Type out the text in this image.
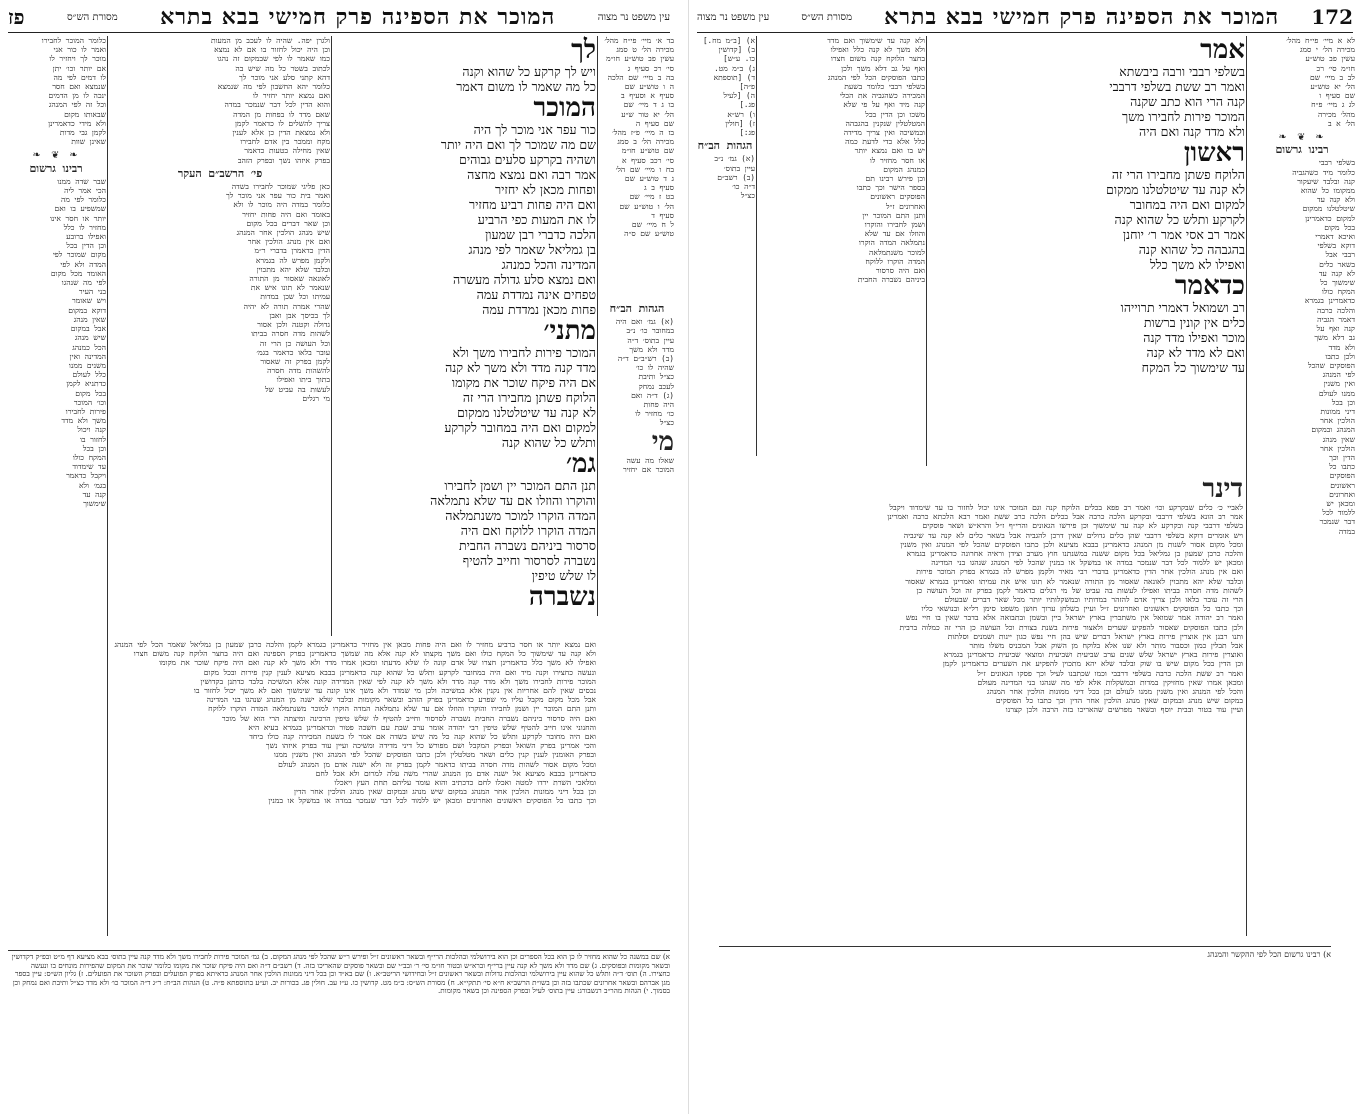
עין משפט נר מצוה
המוכר את הספינה פרק חמישי בבא בתרא
מסורת הש״ס
פז
בד א׳ מיי׳ פי״ח מהל׳
מכירה הל׳ ט סמג
עשין פב טוש״ע חו״מ
סי׳ רכ סעיף ג
בה ב מיי׳ שם הלכה
ה ו טוש״ע שם
סעיף א וסעיף ב
בו ג ד מיי׳ שם
הל׳ יא טור ש״ע
שם סעיף ה
בז ה מיי׳ פ״ז מהל׳
מכירה הל׳ ב סמג
שם טוש״ע חו״מ
סי׳ רכב סעיף א
בח ו מיי׳ שם הל׳
ג ד טוש״ע שם
סעיף ב ג
בט ז מיי׳ שם
הל׳ ו טוש״ע שם
סעיף ד
ל ח מיי׳ שם
טוש״ע שם ס״ה
כלומר המוכר לחבירו
ואמר לו כור אני
מוכר לך ויחזיר לו
אם יותר וכו׳ יתן
לו דמים לפי מה
שנמצא ואם חסר
ינכה לו מן הדמים
וכל זה לפי המנהג
שבאותו מקום
ולא מידי כדאמרינן
לקמן גבי מדות
שאינן שוות
❧ ❦ ❧
רבינו גרשום
שבר שדה ממנו
הכי אמר ליה
כלומר לפי מה
שמשפיע בו ואם
יותר או חסר אינו
מחזיר לו כלל
ואפילו ברובע
וכן הדין בכל
מקום שמוכר לפי
המדה ולא לפי
האומד מכל מקום
לפי מה שנהגו
בני העיר
ויש שאומר
דוקא במקום
שאין מנהג
אבל במקום
שיש מנהג
הכל כמנהג
המדינה ואין
משנים ממנו
כלל לעולם
כדתניא לקמן
בכל מקום
וכו׳ המוכר
פירות לחבירו
משך ולא מדד
קנה ויכול
לחזור בו
וכן בכל
המקח כולו
עד שימדוד
ויקבל כדאמר
בגמ׳ ולא
קנה עד
שימשוך
ולגרן יפה. שהיה לו לעכב מן המעות
וכן היה יכול לחזור בו אם לא נמצא
כמו שאמר לו לפי שבמקום זה נהגו
לכתוב בשטר כל מה שיש בה
דהא קתני סלע אני מוכר לך
כלומר יהא החשבון לפי מה שנמצא
ואם נמצא יותר יחזיר לו
והוא הדין לכל דבר שנמכר במדה
שאם מדד לו בפחות מן המדה
צריך להשלים לו כדאמר לקמן
ולא נמצאת הדין כן אלא לענין
מקח וממכר בין אדם לחבירו
שאין מחילה בטעות כדאמר
בפרק איזהו נשך ובפרק הזהב
פי׳ הרשב״ם העקר
כאן פליגי שמוכר לחבירו בשדה
ואמר בית כור עפר אני מוכר לך
כלומר במדה היה מוכר לו ולא
באומד ואם היה פחות יחזיר
וכן שאר דברים בכל מקום
שיש מנהג הולכין אחר המנהג
ואם אין מנהג הולכין אחר
הדין כדאמרן בדברי ר״מ
ולקמן מפרש לה בגמרא
ובלבד שלא יהא מתכוין
לאונאה שאסור מן התורה
שנאמר לא תונו איש את
עמיתו וכל שכן במדות
שהרי אמרה תורה לא יהיה
לך בכיסך אבן ואבן
גדולה וקטנה ולכן אסור
לשהות מדה חסרה בביתו
וכל העושה כן הרי זה
עובר בלאו כדאמר בגמ׳
לקמן בפרק זה שאסור
להשהות מדה חסרה
בתוך ביתו ואפילו
לעשות בה עביט של
מי רגלים
לך
ויש לך קרקע כל שהוא וקנה
כל מה שאמר לו משום דאמר
המוכר
כור עפר אני מוכר לך היה
שם מה שמוכר לך ואם היה יותר
ושהיה בקרקע סלעים גבוהים
אמר רבה ואם נמצא מחצה
ופחות מכאן לא יחזיר
ואם היה פחות רביע מחזיר
לו את המעות כפי הרביע
הלכה כדברי רבן שמעון
בן גמליאל שאמר לפי מנהג
המדינה והכל כמנהג
ואם נמצא סלע גדולה מעשרה
טפחים אינה נמדדת עמה
פחות מכאן נמדדת עמה
מתני׳
המוכר פירות לחבירו משך ולא
מדד קנה מדד ולא משך לא קנה
אם היה פיקח שוכר את מקומו
הלוקח פשתן מחבירו הרי זה
לא קנה עד שיטלטלנו ממקום
למקום ואם היה במחובר לקרקע
ותלש כל שהוא קנה
גמ׳
תנן התם המוכר יין ושמן לחבירו
והוקרו והוזלו אם עד שלא נתמלאה
המדה הוקרו למוכר משנתמלאה
המדה הוקרו ללוקח ואם היה
סרסור ביניהם נשברה החבית
נשברה לסרסור וחייב להטיף
לו שלש טיפין
נשברה
הגהות הב״ח
(א) גמ׳ ואם היה
במחובר כו׳ נ״ב
עיין בתוס׳ ד״ה
מדד ולא משך
(ב) רש״ב״ם ד״ה
שהיה לו כו׳
כצ״ל ותיבת
לעכב נמחק
(ג) ד״ה ואם
היה פחות
כו׳ מחזיר לו
כצ״ל
מי
שאלו מה עשה
המוכר אם יחזיר
ואם נמצא יותר או חסר ברביע מחזיר לו ואם היה פחות מכאן אין מחזיר כדאמרינן בגמרא לקמן והלכה כרבן שמעון בן גמליאל שאמר הכל לפי המנהג
ולא קנה עד שימשוך כל המקח כולו ואם משך מקצתו לא קנה אלא מה שמשך כדאמרינן בפרק הספינה ואם היה בחצר הלוקח קנה משום חצרו
ואפילו לא משך כלל כדאמרינן חצרו של אדם קונה לו שלא מדעתו ומכאן אמרו מדד ולא משך לא קנה ואם היה פיקח שוכר את מקומו
ונעשה כחצירו וקנה מיד ואם היה במחובר לקרקע ותלש כל שהוא קנה כדאמרינן בבבא מציעא לענין קנין פירות ובכל מקום
המוכר פירות לחבירו משך ולא מדד קנה מדד ולא משך לא קנה לפי שאין המדידה קונה אלא המשיכה בלבד כדתנן בקדושין
נכסים שאין להם אחריות אין נקנין אלא במשיכה ולכן מי שמדד ולא משך אינו קונה עד שימשוך ואם לא משך יכול לחזור בו
אבל מכל מקום מקבל עליו מי שפרע כדאמרינן בפרק הזהב ובשאר מקומות ובלבד שלא ישנה מן המנהג שנהגו בני המדינה
ותנן התם המוכר יין ושמן לחבירו והוקרו והוזלו אם עד שלא נתמלאה המדה הוקרו למוכר משנתמלאה המדה הוקרו ללוקח
ואם היה סרסור ביניהם נשברה החבית נשברה לסרסור וחייב להטיף לו שלש טיפין הרכינה ומיצתה הרי הוא של מוכר
והחנוני אינו חייב להטיף שלש טיפין רבי יהודה אומר ערב שבת עם חשכה פטור וכדאמרינן בגמרא בעיא היא
ואם היה מחובר לקרקע ותלש כל שהוא קנה כל מה שיש בשדה אם אמר לו בשעת המכירה קנה כולו ביחד
והכי אמרינן בפרק השואל ובפרק המקבל ושם מפורש כל דיני מדידה ומשיכה ועיין עוד בפרק איזהו נשך
ובפרק האומנין לענין קנין כלים ושאר מטלטלין ולכן כתבו הפוסקים שהכל לפי המנהג ואין משנין ממנו
ומכל מקום אסור לשהות מדה חסרה בביתו כדאמר לקמן בפרק זה ולא ישנה אדם מן המנהג לעולם
כדאמרינן בבבא מציעא אל ישנה אדם מן המנהג שהרי משה עלה למרום ולא אכל לחם
ומלאכי השרת ירדו למטה ואכלו לחם כדכתיב והוא עומד עליהם תחת העץ ויאכלו
וכן בכל דיני ממונות הולכין אחר המנהג במקום שיש מנהג ובמקום שאין מנהג הולכין אחר הדין
וכך כתבו כל הפוסקים ראשונים ואחרונים ומכאן יש ללמוד לכל דבר שנמכר במדה או במשקל או במנין
א) שם במשנה כל שהוא מחזיר לו כן הוא בכל הספרים וכן הוא בירושלמי ובהלכות הרי״ף ובשאר ראשונים ז״ל ופירש ר״ש שהכל לפי מנהג המקום. ב) גמ׳ המוכר פירות לחבירו משך ולא מדד קנה עיין בתוס׳ בבא מציעא דף מ״ט ובפ״ק דקדושין ובשאר מקומות ובפוסקים. ג) שם מדד ולא משך לא קנה עיין ברי״ף וברא״ש ובטור חו״מ סי׳ ר׳ ובב״י שם ובשאר פוסקים שהאריכו בזה. ד) רשב״ם ד״ה ואם היה פיקח שוכר את מקומו כלומר שוכר את המקום שהפירות מונחים בו ונעשה כחצירו. ה) תוס׳ ד״ה ותלש כל שהוא עיין בירושלמי ובהלכות גדולות ובשאר ראשונים ז״ל ובחידושי הריטב״א. ו) שם בא״ד וכן בכל דיני ממונות הולכין אחר המנהג כדאיתא בפרק הפועלים ובפרק השוכר את הפועלים. ז) גליון הש״ס: עיין בספר מגן אברהם ובשאר אחרונים שכתבו בזה וכן בשו״ת הרשב״א ח״א סי׳ תתקי״א. ח) מסורת הש״ס: ב״מ מט. קדושין כו. ע״ז עב. חולין פג. בכורות יב. וע״ע בתוספתא פ״ה. ט) הגהות הב״ח: ר״ג ד״ה המוכר כו׳ ולא מדד כצ״ל ותיבת ואם נמחק וכן בסמוך. י) הגהות מהר״ב רנשבורג: עיין בתוס׳ לעיל ובפרק הספינה וכן בשאר מקומות.
172
המוכר את הספינה פרק חמישי בבא בתרא
מסורת הש״ס
עין משפט נר מצוה
לא א מיי׳ פי״ח מהל׳
מכירה הל׳ י סמג
עשין פב טוש״ע
חו״מ סי׳ רכ
לב ב מיי׳ שם
הל׳ יא טוש״ע
שם סעיף ו
לג ג מיי׳ פ״ח
מהל׳ מכירה
הל׳ א ב
❧ ❦ ❧
רבינו גרשום
בשלפי רבבי
כלומר מיד כשהגביה
קנה ובלבד שיעקור
ממקומו כל שהוא
ולא קנה עד
שיטלטלנו ממקום
למקום כדאמרינן
בכל מקום
ואיכא דאמרי
דוקא בשלפי
רבבי אבל
בשאר כלים
לא קנה עד
שימשוך כל
המקח כולו
כדאמרינן בגמרא
והלכה כרבה
דאמר הגביה
קנה ואף על
גב דלא משך
ולא מדד
ולכן כתבו
הפוסקים שהכל
לפי המנהג
ואין משנין
ממנו לעולם
וכן בכל
דיני ממונות
הולכין אחר
המנהג ובמקום
שאין מנהג
הולכין אחר
הדין וכך
כתבו כל
הפוסקים
ראשונים
ואחרונים
ומכאן יש
ללמוד לכל
דבר שנמכר
במדה
אמר
בשלפי רבבי ורבה ביבשתא
ואמר רב ששת בשלפי דרבבי
קנה הרי הוא כתב שקנה
המוכר פירות לחבירו משך
ולא מדד קנה ואם היה
ראשון
הלוקח פשתן מחבירו הרי זה
לא קנה עד שיטלטלנו ממקום
למקום ואם היה במחובר
לקרקע ותלש כל שהוא קנה
אמר רב אסי אמר ר׳ יוחנן
בהגבהה כל שהוא קנה
ואפילו לא משך כלל
כדאמר
רב ושמואל דאמרי תרוייהו
כלים אין קונין ברשות
מוכר ואפילו מדד קנה
ואם לא מדד לא קנה
עד שימשוך כל המקח
א) [ב״מ מח.]
ב) [קדושין
כו. ע״ש]
ג) ב״מ מט.
ד) [תוספתא
פ״ה]
ה) [לעיל
פג.]
ו) רש״א
ז) [חולין
פג:]
הגהות הב״ח
(א) גמ׳ נ״ב
עיין בתוס׳
(ב) רשב״ם
ד״ה כו׳
כצ״ל
ולא קנה עד שימשוך ואם מדד
ולא משך לא קנה כלל ואפילו
בחצר הלוקח קנה משום חצרו
ואף על גב דלא משך ולכן
כתבו הפוסקים הכל לפי המנהג
בשלפי רבבי כלומר בשעת
המכירה כשהגביה את הכלי
קנה מיד ואף על פי שלא
משכו וכן הדין בכל
המטלטלין שנקנין בהגבהה
ובמשיכה ואין צריך מדידה
כלל אלא כדי לדעת כמה
יש בו ואם נמצא יותר
או חסר מחזיר לו
כמנהג המקום
וכן פירש רבינו תם
בספר הישר וכך כתבו
הפוסקים ראשונים
ואחרונים ז״ל
ותנן התם המוכר יין
ושמן לחבירו והוקרו
והוזלו אם עד שלא
נתמלאה המדה הוקרו
למוכר משנתמלאה
המדה הוקרו ללוקח
ואם היה סרסור
ביניהם נשברה החבית
דינר
לאביי כ׳ כלים שבקרקע וכו׳ ואמר רב פפא בכלים הלוקח קנה וגם המוכר אינו יכול לחזור בו עד שימדוד ויקבל
אמר רב הונא בשלפי דרבבי ובקרקע הלכה כרבה אבל בכלים הלכה כרב ששת ואמר רבא הלכתא כרבה ואמרינן
בשלפי דרבבי קנה ובקרקע לא קנה עד שימשוך וכן פירשו הגאונים והרי״ף ז״ל והרא״ש ושאר פוסקים
ויש אומרים דוקא בשלפי דרבבי שהן כלים גדולים שאין דרכן להגביה אבל בשאר כלים לא קנה עד שיגביה
ומכל מקום אסור לשנות מן המנהג כדאמרינן בבבא מציעא ולכן כתבו הפוסקים שהכל לפי המנהג ואין משנין
והלכה כרבן שמעון בן גמליאל בכל מקום ששנה במשנתנו חוץ מערב וצידן וראיה אחרונה כדאמרינן בגמרא
ומכאן יש ללמוד לכל דבר שנמכר במדה או במשקל או במנין שהכל לפי המנהג שנהגו בני המדינה
ואם אין מנהג הולכין אחר הדין כדאמרינן בדברי רבי מאיר ולקמן מפרש לה בגמרא בפרק המוכר פירות
ובלבד שלא יהא מתכוין לאונאה שאסור מן התורה שנאמר לא תונו איש את עמיתו ואמרינן בגמרא שאסור
לשהות מדה חסרה בביתו ואפילו לעשות בה עביט של מי רגלים כדאמר לקמן בפרק זה וכל העושה כן
הרי זה עובר בלאו ולכן צריך אדם להזהר במדותיו ובמשקלותיו יותר מכל שאר דברים שבעולם
וכך כתבו כל הפוסקים ראשונים ואחרונים ז״ל ועיין בשלחן ערוך חושן משפט סימן רל״א ובנושאי כליו
ואמר רב יהודה אמר שמואל אין משתכרין בארץ ישראל ביין ובשמן ובתבואה אלא בדבר שאין בו חיי נפש
ולכן כתבו הפוסקים שאסור להפקיע שערים ולאצור פירות בשנת בצורת וכל העושה כן הרי זה כמלוה ברבית
ותנו רבנן אין אוצרין פירות בארץ ישראל דברים שיש בהן חיי נפש כגון יינות ושמנים וסלתות
אבל תבלין כמון וכסבור מותר ולא שנו אלא בלוקח מן השוק אבל המכניס משלו מותר
ואוצרין פירות בארץ ישראל שלש שנים ערב שביעית ושביעית ומוצאי שביעית כדאמרינן בגמרא
וכן הדין בכל מקום שיש בו שוק ובלבד שלא יהא מתכוין להפקיע את השערים כדאמרינן לקמן
ואמר רב ששת הלכה כרבה בשלפי דרבבי וכמו שכתבנו לעיל וכך פסקו הגאונים ז״ל
ומכאן אמרו שאין מחזיקין במדות ובמשקלות אלא לפי מה שנהגו בני המדינה מעולם
והכל לפי המנהג ואין משנין ממנו לעולם וכן בכל דיני ממונות הולכין אחר המנהג
במקום שיש מנהג ובמקום שאין מנהג הולכין אחר הדין וכך כתבו כל הפוסקים
ועיין עוד בטור ובבית יוסף ובשאר מפרשים שהאריכו בזה הרבה ולכן קצרנו
א) רבינו גרשום הכל לפי ההקשר והמנהג
